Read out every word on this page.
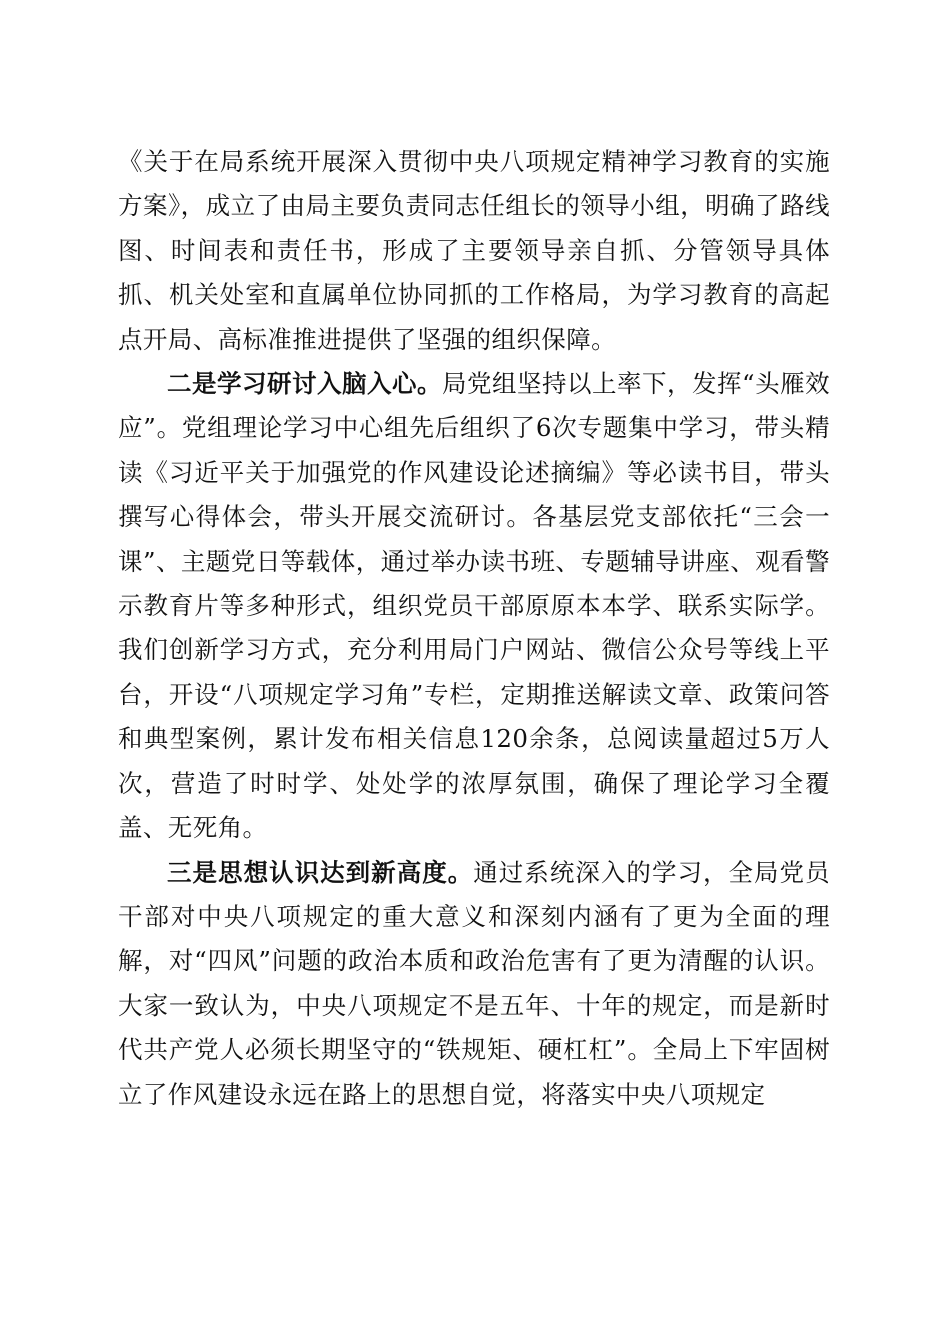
《关于在局系统开展深入贯彻中央八项规定精神学习教育的实施方案》，成立了由局主要负责同志任组长的领导小组，明确了路线图、时间表和责任书，形成了主要领导亲自抓、分管领导具体抓、机关处室和直属单位协同抓的工作格局，为学习教育的高起点开局、高标准推进提供了坚强的组织保障。

二是学习研讨入脑入心。局党组坚持以上率下，发挥“头雁效应”。党组理论学习中心组先后组织了6次专题集中学习，带头精读《习近平关于加强党的作风建设论述摘编》等必读书目，带头撰写心得体会，带头开展交流研讨。各基层党支部依托“三会一课”、主题党日等载体，通过举办读书班、专题辅导讲座、观看警示教育片等多种形式，组织党员干部原原本本学、联系实际学。我们创新学习方式，充分利用局门户网站、微信公众号等线上平台，开设“八项规定学习角”专栏，定期推送解读文章、政策问答和典型案例，累计发布相关信息120余条，总阅读量超过5万人次，营造了时时学、处处学的浓厚氛围，确保了理论学习全覆盖、无死角。

三是思想认识达到新高度。通过系统深入的学习，全局党员干部对中央八项规定的重大意义和深刻内涵有了更为全面的理解，对“四风”问题的政治本质和政治危害有了更为清醒的认识。大家一致认为，中央八项规定不是五年、十年的规定，而是新时代共产党人必须长期坚守的“铁规矩、硬杠杠”。全局上下牢固树立了作风建设永远在路上的思想自觉，将落实中央八项规定
